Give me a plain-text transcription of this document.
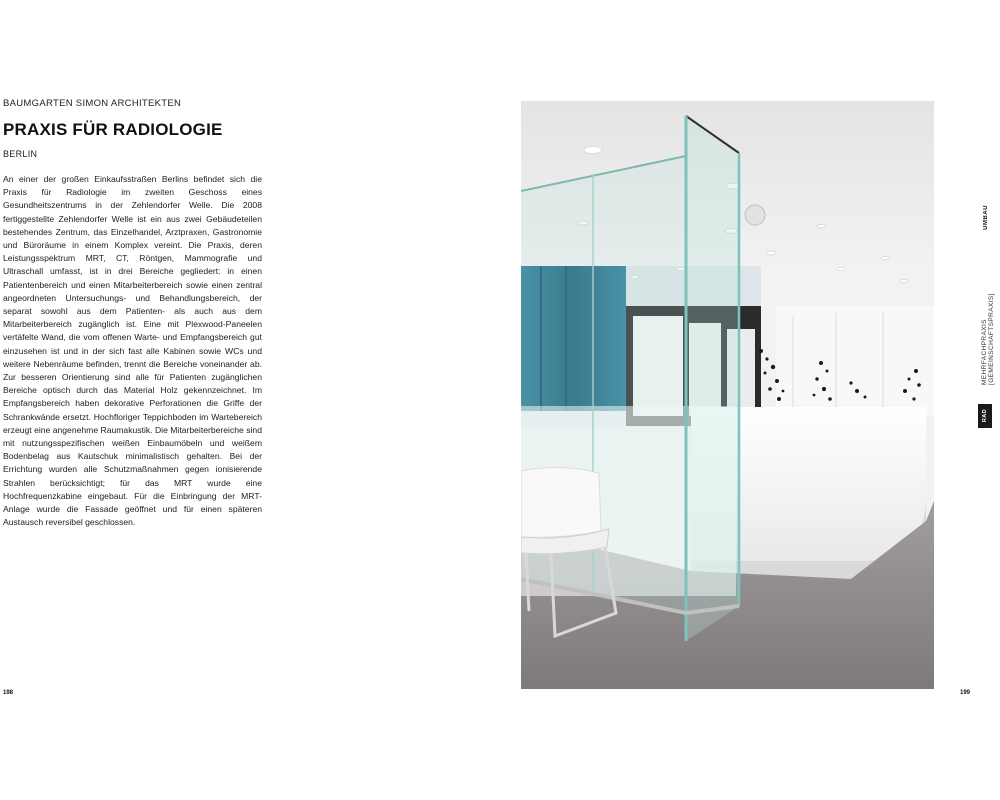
BAUMGARTEN SIMON ARCHITEKTEN
PRAXIS FÜR RADIOLOGIE
BERLIN

An einer der großen Einkaufsstraßen Berlins befindet sich die Praxis für Radiologie im zweiten Geschoss eines Gesundheitszentrums in der Zehlendorfer Welle. Die 2008 fertiggestellte Zehlendorfer Welle ist ein aus zwei Gebäudeteilen bestehendes Zentrum, das Einzelhandel, Arztpraxen, Gastronomie und Büroräume in einem Komplex vereint. Die Praxis, deren Leistungsspektrum MRT, CT, Röntgen, Mammografie und Ultraschall umfasst, ist in drei Bereiche gegliedert: in einen Patientenbereich und einen Mitarbeiterbereich sowie einen zentral angeordneten Untersuchungs- und Behandlungsbereich, der separat sowohl aus dem Patienten- als auch aus dem Mitarbeiterbereich zugänglich ist. Eine mit Plexwood-Paneelen vertäfelte Wand, die vom offenen Warte- und Empfangsbereich gut einzusehen ist und in der sich fast alle Kabinen sowie WCs und weitere Nebenräume befinden, trennt die Bereiche voneinander ab. Zur besseren Orientierung sind alle für Patienten zugänglichen Bereiche optisch durch das Material Holz gekennzeichnet. Im Empfangsbereich haben dekorative Perforationen die Griffe der Schrankwände ersetzt. Hochfloriger Teppichboden im Wartebereich erzeugt eine angenehme Raumakustik. Die Mitarbeiterbereiche sind mit nutzungsspezifischen weißen Einbaumöbeln und weißem Bodenbelag aus Kautschuk minimalistisch gehalten. Bei der Errichtung wurden alle Schutzmaßnahmen gegen ionisierende Strahlen berücksichtigt; für das MRT wurde eine Hochfrequenzkabine eingebaut. Für die Einbringung der MRT-Anlage wurde die Fassade geöffnet und für einen späteren Austausch reversibel geschlossen.

198
UMBAU
MEHRFACHPRAXIS [GEMEINSCHAFTSPRAXIS]
RAD
199
